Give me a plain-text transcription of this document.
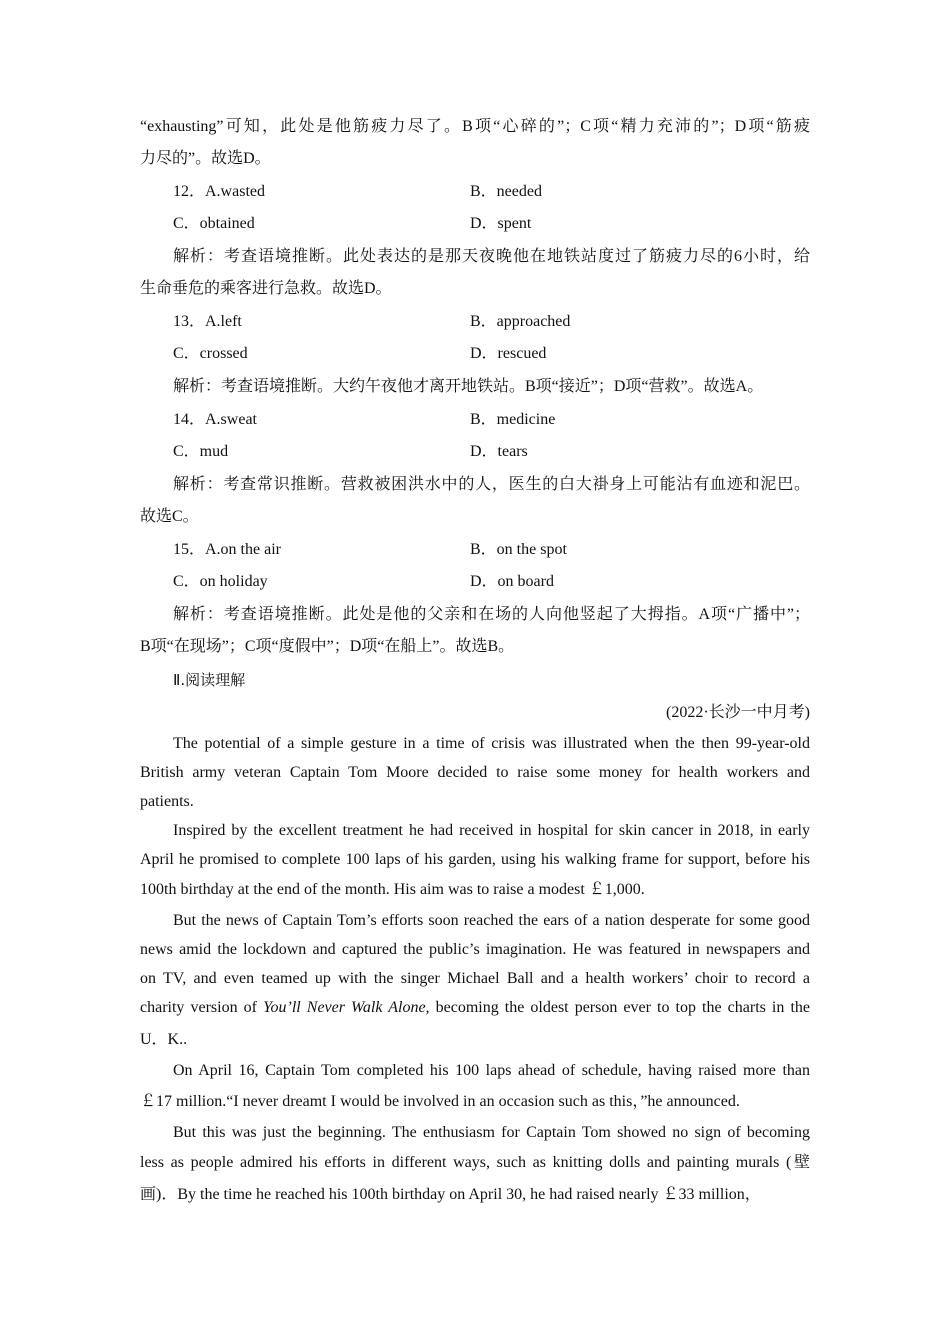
“exhausting”可知，此处是他筋疲力尽了。B项“心碎的”；C项“精力充沛的”；D项“筋疲
力尽的”。故选D。
12．A.wasted	B．needed
C．obtained	D．spent
解析：考查语境推断。此处表达的是那天夜晚他在地铁站度过了筋疲力尽的6小时，给
生命垂危的乘客进行急救。故选D。
13．A.left	B．approached
C．crossed	D．rescued
解析：考查语境推断。大约午夜他才离开地铁站。B项“接近”；D项“营救”。故选A。
14．A.sweat	B．medicine
C．mud	D．tears
解析：考查常识推断。营救被困洪水中的人，医生的白大褂身上可能沾有血迹和泥巴。
故选C。
15．A.on the air	B．on the spot
C．on holiday	D．on board
解析：考查语境推断。此处是他的父亲和在场的人向他竖起了大拇指。A项“广播中”；
B项“在现场”；C项“度假中”；D项“在船上”。故选B。
Ⅱ.阅读理解
(2022·长沙一中月考)
The potential of a simple gesture in a time of crisis was illustrated when the then 99-year-old
British army veteran Captain Tom Moore decided to raise some money for health workers and
patients.
Inspired by the excellent treatment he had received in hospital for skin cancer in 2018, in early
April he promised to complete 100 laps of his garden, using his walking frame for support, before his
100th birthday at the end of the month. His aim was to raise a modest ￡1,000.
But the news of Captain Tom’s efforts soon reached the ears of a nation desperate for some good
news amid the lockdown and captured the public’s imagination. He was featured in newspapers and
on TV, and even teamed up with the singer Michael Ball and a health workers’ choir to record a
charity version of You’ll Never Walk Alone, becoming the oldest person ever to top the charts in the
U．K..
On April 16, Captain Tom completed his 100 laps ahead of schedule, having raised more than
￡17 million.“I never dreamt I would be involved in an occasion such as this，”he announced.
But this was just the beginning. The enthusiasm for Captain Tom showed no sign of becoming
less as people admired his efforts in different ways, such as knitting dolls and painting murals (壁
画)．By the time he reached his 100th birthday on April 30, he had raised nearly ￡33 million，
